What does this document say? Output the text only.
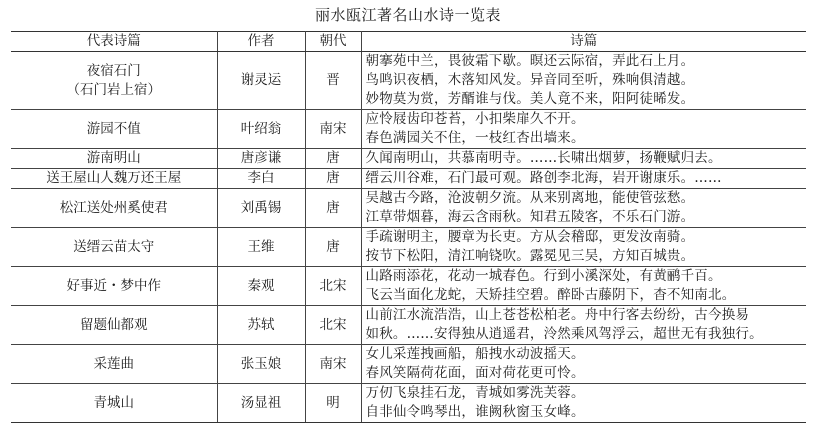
丽水瓯江著名山水诗一览表
代表诗篇	作者	朝代	诗篇

夜宿石门
（石门岩上宿）	谢灵运	晋	朝搴苑中兰，畏彼霜下歇。暝还云际宿，弄此石上月。
鸟鸣识夜栖，木落知风发。异音同至听，殊响俱清越。
妙物莫为赏，芳醑谁与伐。美人竟不来，阳阿徒晞发。

游园不值	叶绍翁	南宋	应怜屐齿印苍苔，小扣柴扉久不开。
春色满园关不住，一枝红杏出墙来。

游南明山	唐彦谦	唐	久闻南明山，共慕南明寺。……长啸出烟萝，扬鞭赋归去。

送王屋山人魏万还王屋	李白	唐	缙云川谷难，石门最可观。路创李北海，岩开谢康乐。……

松江送处州奚使君	刘禹锡	唐	吴越古今路，沧波朝夕流。从来别离地，能使管弦愁。
江草带烟暮，海云含雨秋。知君五陵客，不乐石门游。

送缙云苗太守	王维	唐	手疏谢明主，腰章为长吏。方从会稽邸，更发汝南骑。
按节下松阳，清江响铙吹。露冕见三吴，方知百城贵。

好事近・梦中作	秦观	北宋	山路雨添花，花动一城春色。行到小溪深处，有黄鹂千百。
飞云当面化龙蛇，天矫挂空碧。醉卧古藤阴下，杳不知南北。

留题仙都观	苏轼	北宋	山前江水流浩浩，山上苍苍松柏老。舟中行客去纷纷，古今换易
如秋。……安得独从逍遥君，泠然乘风驾浮云，超世无有我独行。

采莲曲	张玉娘	南宋	女儿采莲拽画船，船拽水动波摇天。
春风笑隔荷花面，面对荷花更可怜。

青城山	汤显祖	明	万仞飞泉挂石龙，青城如雾洗芙蓉。
自非仙令鸣琴出，谁阙秋窗玉女峰。
